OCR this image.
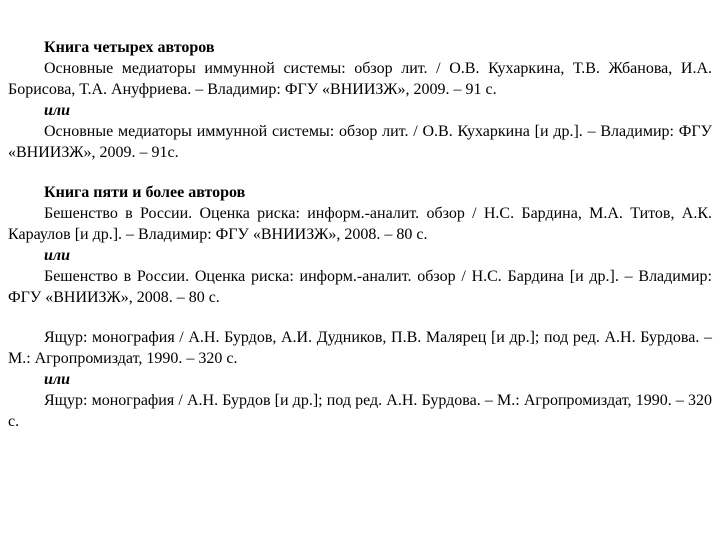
Книга четырех авторов

Основные медиаторы иммунной системы: обзор лит. / О.В. Кухаркина, Т.В. Жбанова, И.А. Борисова, Т.А. Ануфриева. – Владимир: ФГУ «ВНИИЗЖ», 2009. – 91 с.

или

Основные медиаторы иммунной системы: обзор лит. / О.В. Кухаркина [и др.]. – Владимир: ФГУ «ВНИИЗЖ», 2009. – 91с.

Книга пяти и более авторов

Бешенство в России. Оценка риска: информ.-аналит. обзор / Н.С. Бардина, М.А. Титов, А.К. Караулов [и др.]. – Владимир: ФГУ «ВНИИЗЖ», 2008. – 80 с.

или

Бешенство в России. Оценка риска: информ.-аналит. обзор / Н.С. Бардина [и др.]. – Владимир: ФГУ «ВНИИЗЖ», 2008. – 80 с.

Ящур: монография / А.Н. Бурдов, А.И. Дудников, П.В. Малярец [и др.]; под ред. А.Н. Бурдова. – М.: Агропромиздат, 1990. – 320 с.

или

Ящур: монография / А.Н. Бурдов [и др.]; под ред. А.Н. Бурдова. – М.: Агропромиздат, 1990. – 320 с.
